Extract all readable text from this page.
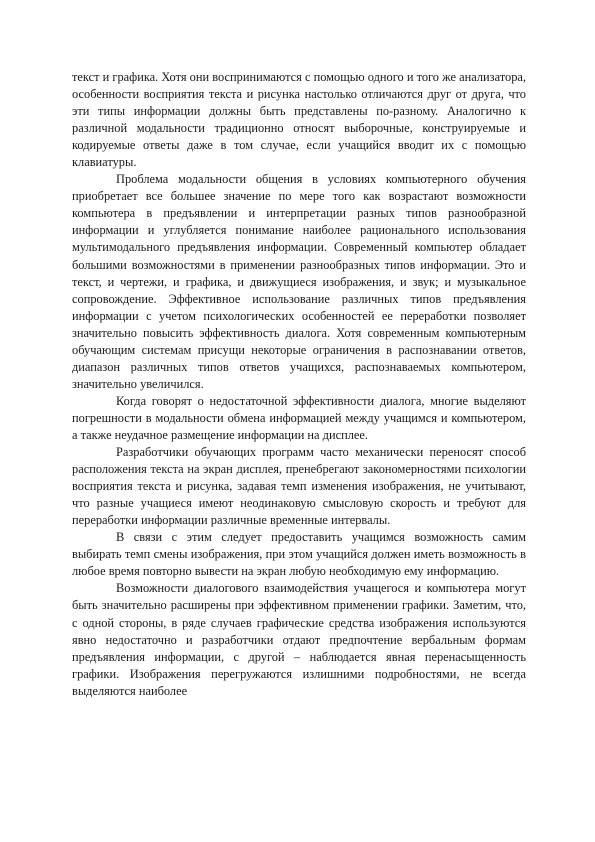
текст и графика. Хотя они воспринимаются с помощью одного и того же анализатора, особенности восприятия текста и рисунка настолько отличаются друг от друга, что эти типы информации должны быть представлены по-разному. Аналогично к различной модальности традиционно относят выборочные, конструируемые и кодируемые ответы даже в том случае, если учащийся вводит их с помощью клавиатуры.

Проблема модальности общения в условиях компьютерного обучения приобретает все большее значение по мере того как возрастают возможности компьютера в предъявлении и интерпретации разных типов разнообразной информации и углубляется понимание наиболее рационального использования мультимодального предъявления информации. Современный компьютер обладает большими возможностями в применении разнообразных типов информации. Это и текст, и чертежи, и графика, и движущиеся изображения, и звук; и музыкальное сопровождение. Эффективное использование различных типов предъявления информации с учетом психологических особенностей ее переработки позволяет значительно повысить эффективность диалога. Хотя современным компьютерным обучающим системам присущи некоторые ограничения в распознавании ответов, диапазон различных типов ответов учащихся, распознаваемых компьютером, значительно увеличился.

Когда говорят о недостаточной эффективности диалога, многие выделяют погрешности в модальности обмена информацией между учащимся и компьютером, а также неудачное размещение информации на дисплее.

Разработчики обучающих программ часто механически переносят способ расположения текста на экран дисплея, пренебрегают закономерностями психологии восприятия текста и рисунка, задавая темп изменения изображения, не учитывают, что разные учащиеся имеют неодинаковую смысловую скорость и требуют для переработки информации различные временные интервалы.

В связи с этим следует предоставить учащимся возможность самим выбирать темп смены изображения, при этом учащийся должен иметь возможность в любое время повторно вывести на экран любую необходимую ему информацию.

Возможности диалогового взаимодействия учащегося и компьютера могут быть значительно расширены при эффективном применении графики. Заметим, что, с одной стороны, в ряде случаев графические средства изображения используются явно недостаточно и разработчики отдают предпочтение вербальным формам предъявления информации, с другой – наблюдается явная перенасыщенность графики. Изображения перегружаются излишними подробностями, не всегда выделяются наиболее
